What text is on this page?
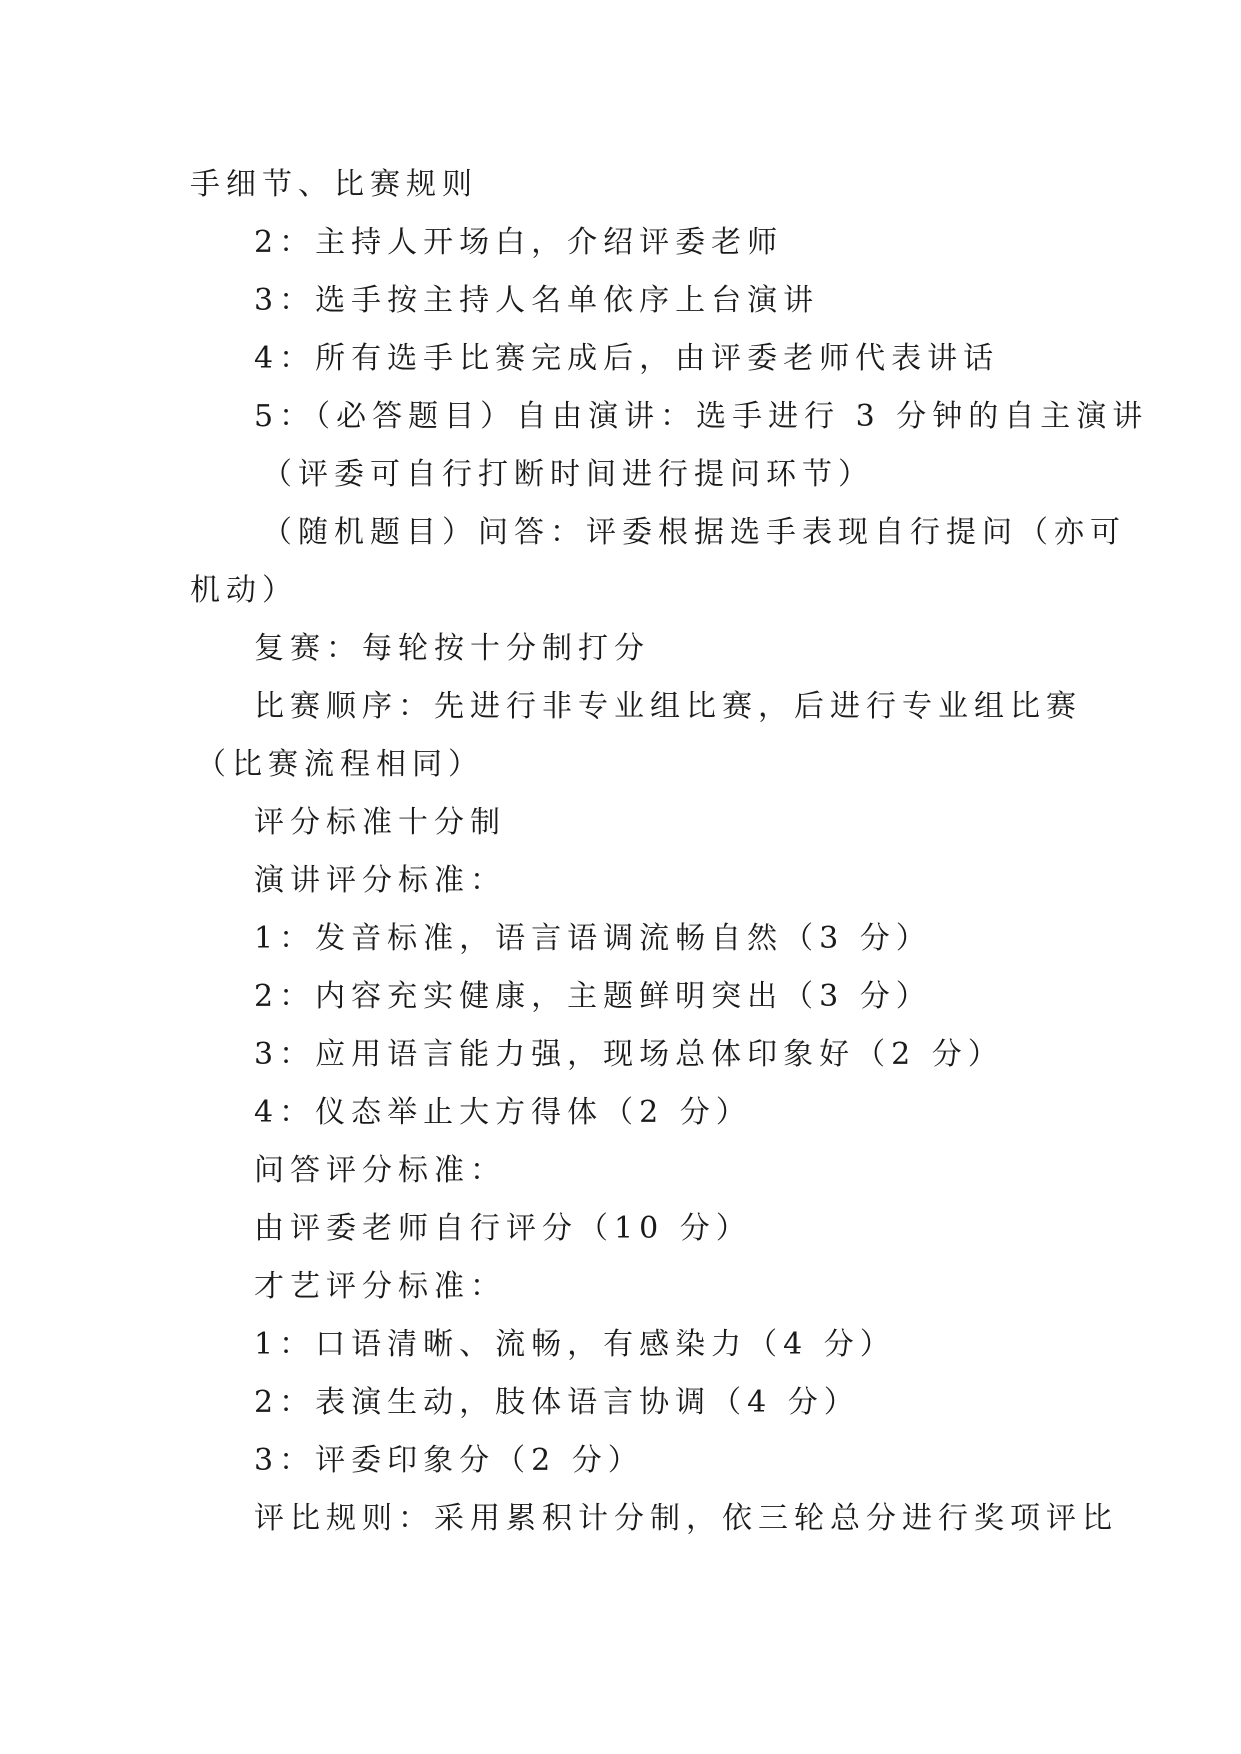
手细节、比赛规则
2：主持人开场白，介绍评委老师
3：选手按主持人名单依序上台演讲
4：所有选手比赛完成后，由评委老师代表讲话
5：（必答题目）自由演讲：选手进行 3 分钟的自主演讲
（评委可自行打断时间进行提问环节）
（随机题目）问答：评委根据选手表现自行提问（亦可
机动）
复赛：每轮按十分制打分
比赛顺序：先进行非专业组比赛，后进行专业组比赛
（比赛流程相同）
评分标准十分制
演讲评分标准：
1：发音标准，语言语调流畅自然（3 分）
2：内容充实健康，主题鲜明突出（3 分）
3：应用语言能力强，现场总体印象好（2 分）
4：仪态举止大方得体（2 分）
问答评分标准：
由评委老师自行评分（10 分）
才艺评分标准：
1：口语清晰、流畅，有感染力（4 分）
2：表演生动，肢体语言协调（4 分）
3：评委印象分（2 分）
评比规则：采用累积计分制，依三轮总分进行奖项评比
